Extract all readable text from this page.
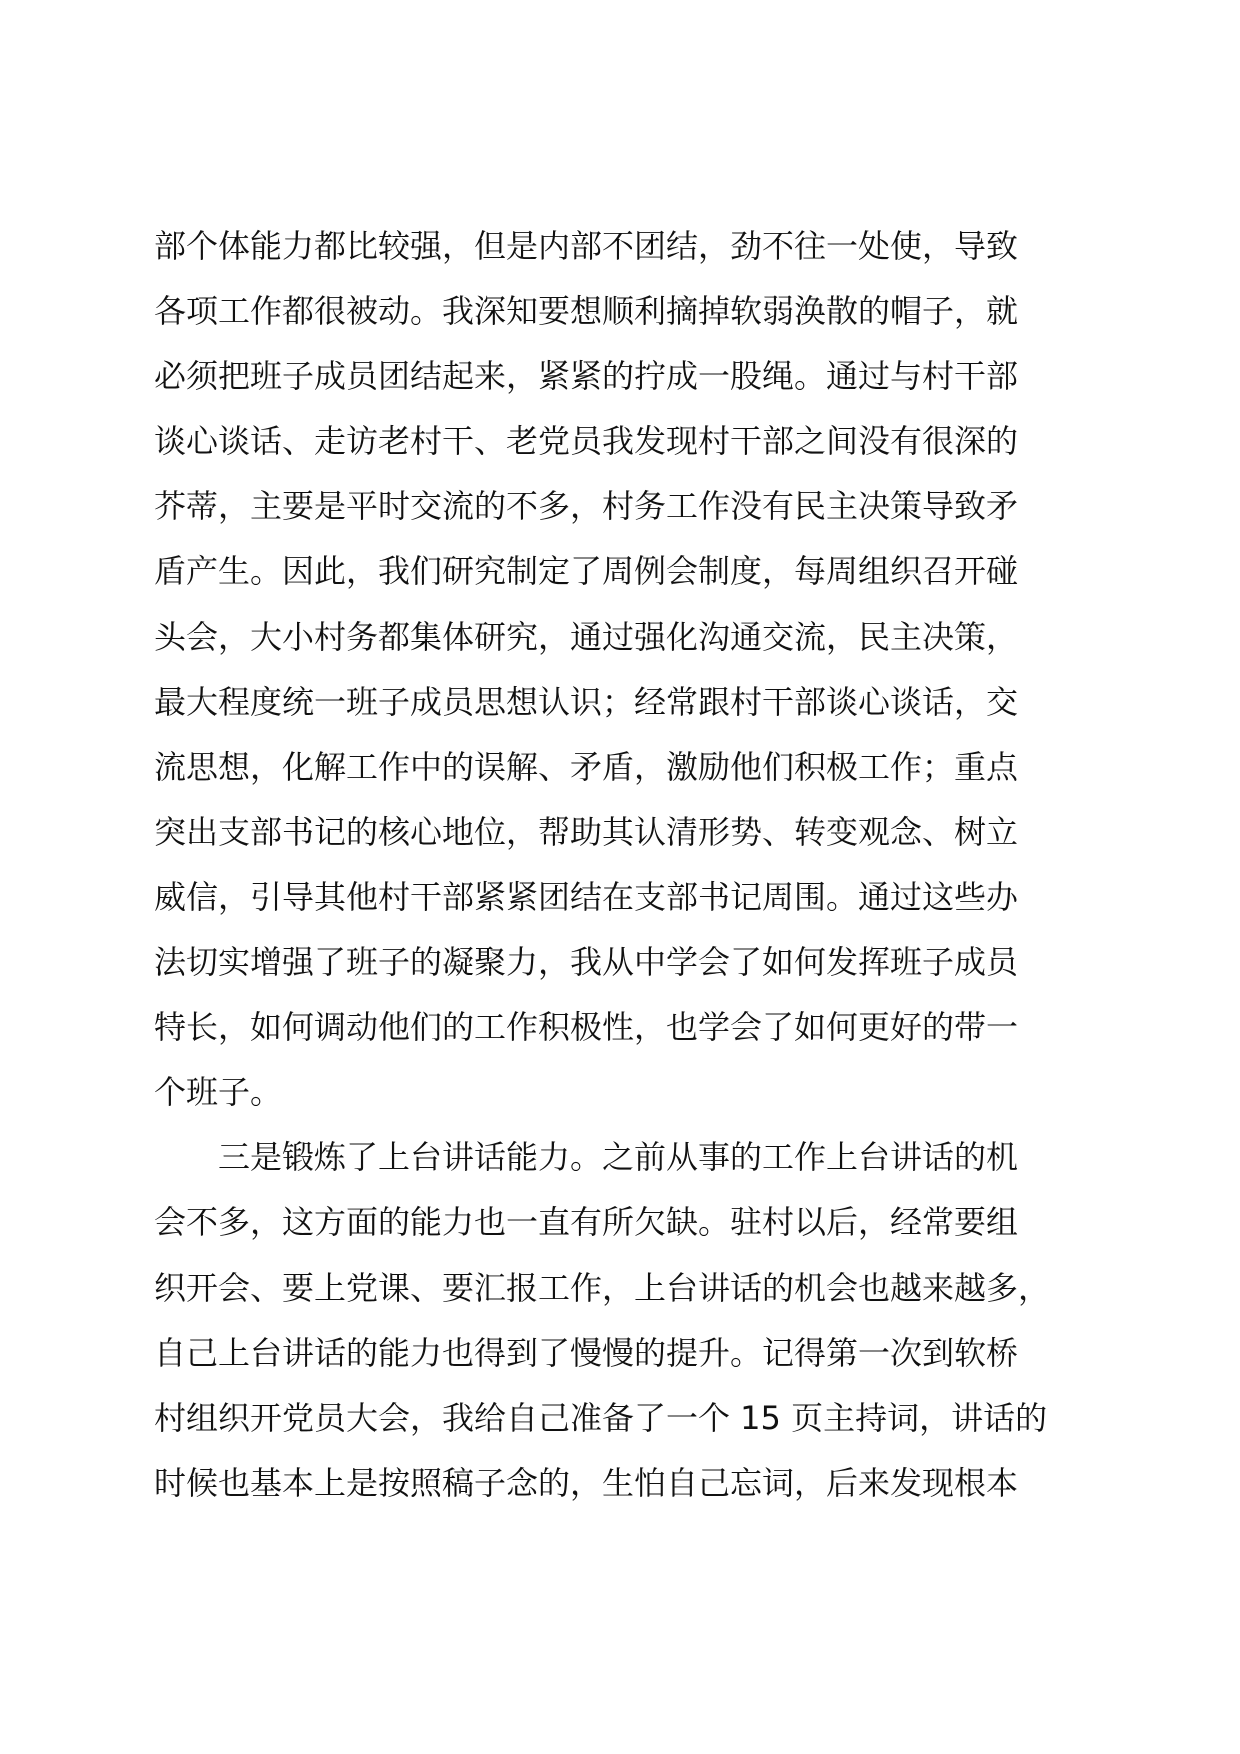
部个体能力都比较强，但是内部不团结，劲不往一处使，导致
各项工作都很被动。我深知要想顺利摘掉软弱涣散的帽子，就
必须把班子成员团结起来，紧紧的拧成一股绳。通过与村干部
谈心谈话、走访老村干、老党员我发现村干部之间没有很深的
芥蒂，主要是平时交流的不多，村务工作没有民主决策导致矛
盾产生。因此，我们研究制定了周例会制度，每周组织召开碰
头会，大小村务都集体研究，通过强化沟通交流，民主决策，
最大程度统一班子成员思想认识；经常跟村干部谈心谈话，交
流思想，化解工作中的误解、矛盾，激励他们积极工作；重点
突出支部书记的核心地位，帮助其认清形势、转变观念、树立
威信，引导其他村干部紧紧团结在支部书记周围。通过这些办
法切实增强了班子的凝聚力，我从中学会了如何发挥班子成员
特长，如何调动他们的工作积极性，也学会了如何更好的带一
个班子。
三是锻炼了上台讲话能力。之前从事的工作上台讲话的机
会不多，这方面的能力也一直有所欠缺。驻村以后，经常要组
织开会、要上党课、要汇报工作，上台讲话的机会也越来越多，
自己上台讲话的能力也得到了慢慢的提升。记得第一次到软桥
村组织开党员大会，我给自己准备了一个 15 页主持词，讲话的
时候也基本上是按照稿子念的，生怕自己忘词，后来发现根本
